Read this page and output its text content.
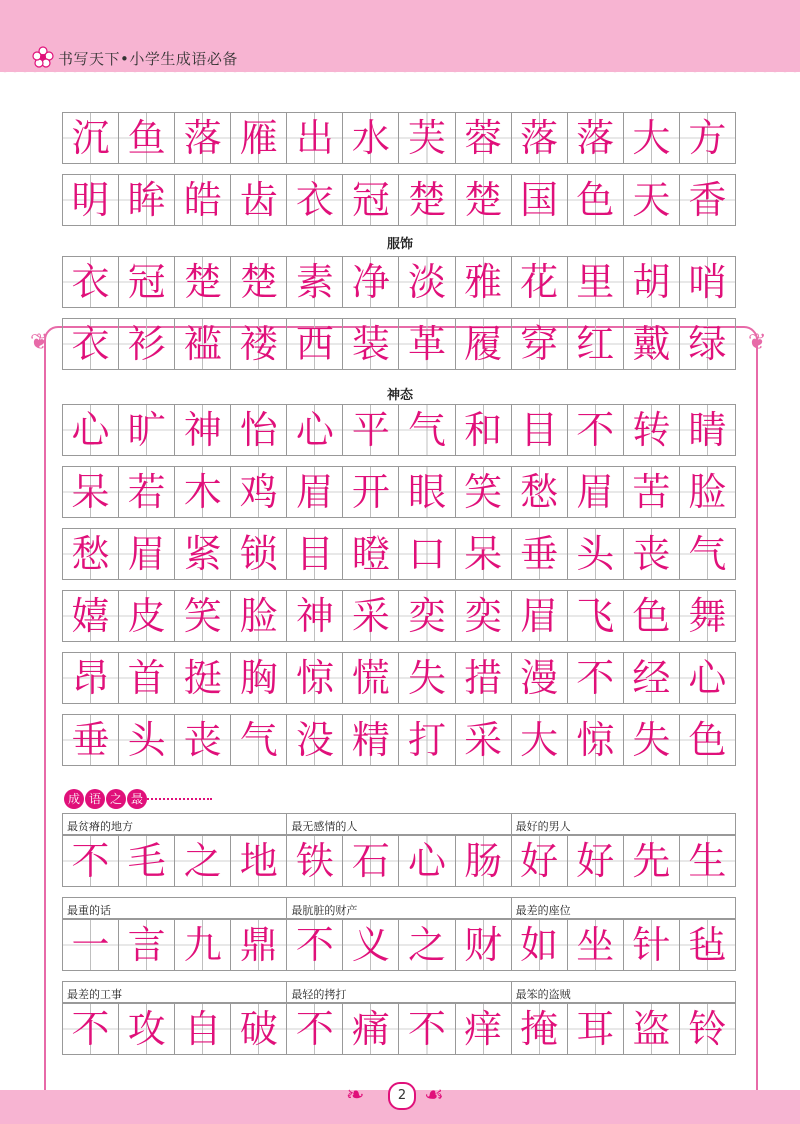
书写天下•小学生成语必备
沉 鱼 落 雁 出 水 芙 蓉 落 落 大 方
明 眸 皓 齿 衣 冠 楚 楚 国 色 天 香
服饰
❦	❦
衣 冠 楚 楚 素 净 淡 雅 花 里 胡 哨
衣 衫 褴 褛 西 装 革 履 穿 红 戴 绿
神态
心 旷 神 怡 心 平 气 和 目 不 转 睛
呆 若 木 鸡 眉 开 眼 笑 愁 眉 苦 脸
愁 眉 紧 锁 目 瞪 口 呆 垂 头 丧 气
嬉 皮 笑 脸 神 采 奕 奕 眉 飞 色 舞
昂 首 挺 胸 惊 慌 失 措 漫 不 经 心
垂 头 丧 气 没 精 打 采 大 惊 失 色
成 语 之 最
最贫瘠的地方	最无感情的人	最好的男人
不 毛 之 地 铁 石 心 肠 好 好 先 生
最重的话	最肮脏的财产	最差的座位
一 言 九 鼎 不 义 之 财 如 坐 针 毡
最差的工事	最轻的拷打	最笨的盗贼
不 攻 自 破 不 痛 不 痒 掩 耳 盗 铃
❧	☙
2
